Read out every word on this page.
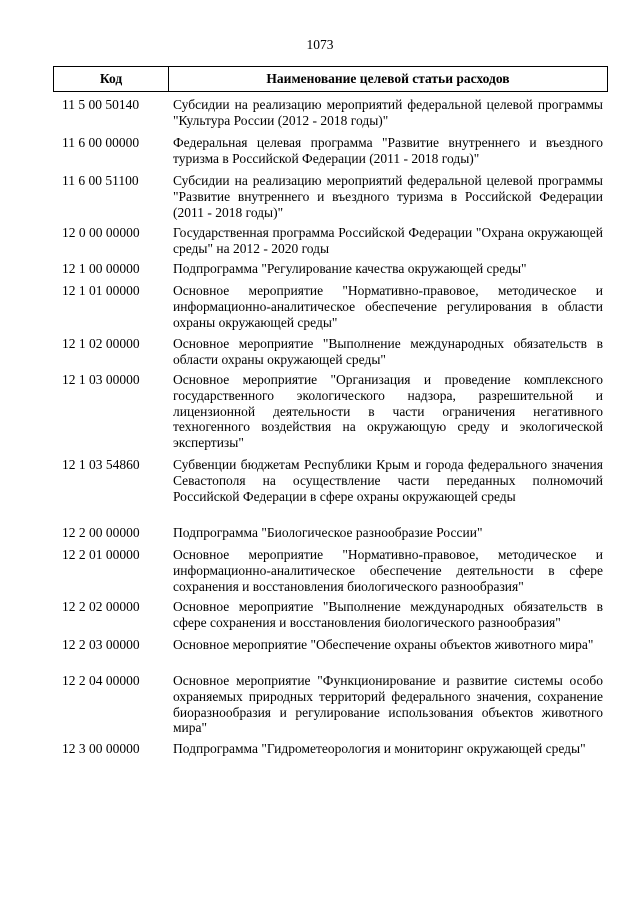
1073
Код	Наименование целевой статьи расходов
11 5 00 50140	Субсидии на реализацию мероприятий федеральной целевой программы "Культура России (2012 - 2018 годы)"
11 6 00 00000	Федеральная целевая программа "Развитие внутреннего и въездного туризма в Российской Федерации (2011 - 2018 годы)"
11 6 00 51100	Субсидии на реализацию мероприятий федеральной целевой программы "Развитие внутреннего и въездного туризма в Российской Федерации (2011 - 2018 годы)"
12 0 00 00000	Государственная программа Российской Федерации "Охрана окружающей среды" на 2012 - 2020 годы
12 1 00 00000	Подпрограмма "Регулирование качества окружающей среды"
12 1 01 00000	Основное мероприятие "Нормативно-правовое, методическое и информационно-аналитическое обеспечение регулирования в области охраны окружающей среды"
12 1 02 00000	Основное мероприятие "Выполнение международных обязательств в области охраны окружающей среды"
12 1 03 00000	Основное мероприятие "Организация и проведение комплексного государственного экологического надзора, разрешительной и лицензионной деятельности в части ограничения негативного техногенного воздействия на окружающую среду и экологической экспертизы"
12 1 03 54860	Субвенции бюджетам Республики Крым и города федерального значения Севастополя на осуществление части переданных полномочий Российской Федерации в сфере охраны окружающей среды
12 2 00 00000	Подпрограмма "Биологическое разнообразие России"
12 2 01 00000	Основное мероприятие "Нормативно-правовое, методическое и информационно-аналитическое обеспечение деятельности в сфере сохранения и восстановления биологического разнообразия"
12 2 02 00000	Основное мероприятие "Выполнение международных обязательств в сфере сохранения и восстановления биологического разнообразия"
12 2 03 00000	Основное мероприятие "Обеспечение охраны объектов животного мира"
12 2 04 00000	Основное мероприятие "Функционирование и развитие системы особо охраняемых природных территорий федерального значения, сохранение биоразнообразия и регулирование использования объектов животного мира"
12 3 00 00000	Подпрограмма "Гидрометеорология и мониторинг окружающей среды"
